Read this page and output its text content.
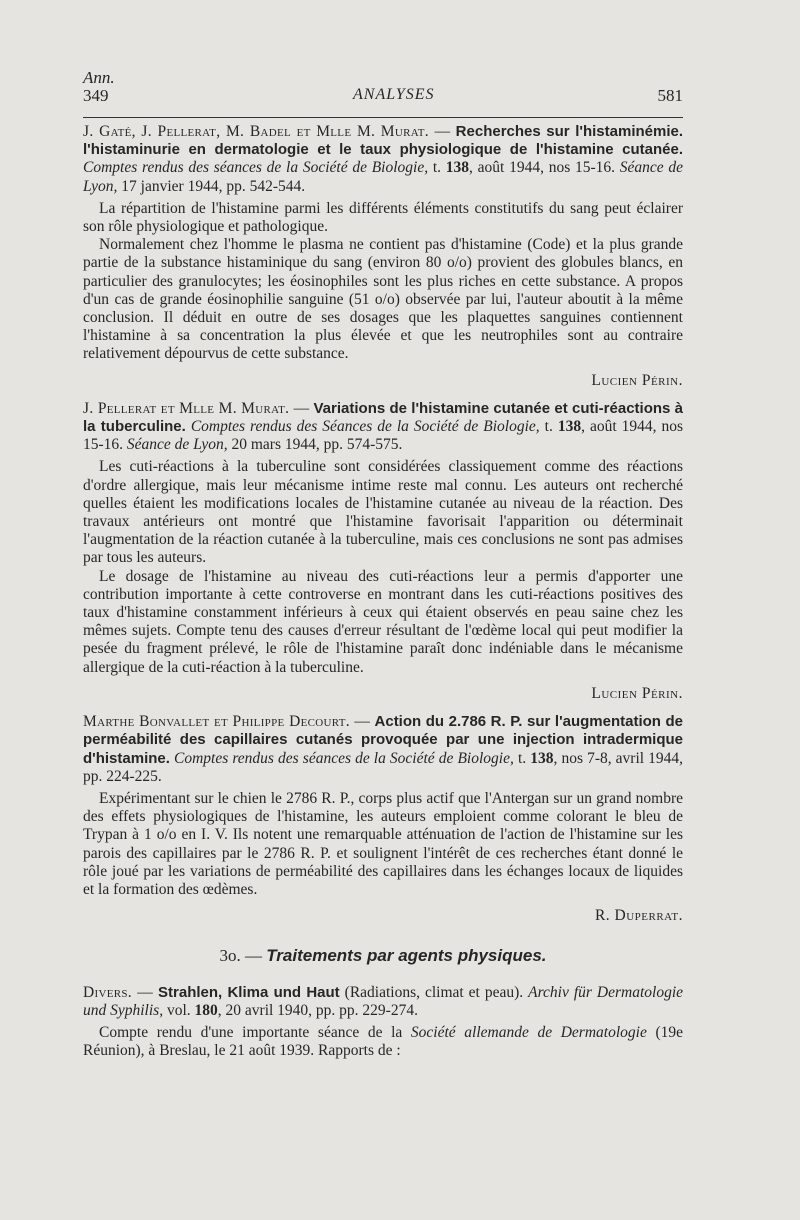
Ann.
349	ANALYSES	581

J. Gaté, J. Pellerat, M. Badel et Mlle M. Murat. — Recherches sur l'histaminémie. l'histaminurie en dermatologie et le taux physiologique de l'histamine cutanée. Comptes rendus des séances de la Société de Biologie, t. 138, août 1944, nos 15-16. Séance de Lyon, 17 janvier 1944, pp. 542-544.

La répartition de l'histamine parmi les différents éléments constitutifs du sang peut éclairer son rôle physiologique et pathologique.

Normalement chez l'homme le plasma ne contient pas d'histamine (Code) et la plus grande partie de la substance histaminique du sang (environ 80 o/o) provient des globules blancs, en particulier des granulocytes; les éosinophiles sont les plus riches en cette substance. A propos d'un cas de grande éosinophilie sanguine (51 o/o) observée par lui, l'auteur aboutit à la même conclusion. Il déduit en outre de ses dosages que les plaquettes sanguines contiennent l'histamine à sa concentration la plus élevée et que les neutrophiles sont au contraire relativement dépourvus de cette substance.

Lucien Périn.

J. Pellerat et Mlle M. Murat. — Variations de l'histamine cutanée et cuti-réactions à la tuberculine. Comptes rendus des Séances de la Société de Biologie, t. 138, août 1944, nos 15-16. Séance de Lyon, 20 mars 1944, pp. 574-575.

Les cuti-réactions à la tuberculine sont considérées classiquement comme des réactions d'ordre allergique, mais leur mécanisme intime reste mal connu. Les auteurs ont recherché quelles étaient les modifications locales de l'histamine cutanée au niveau de la réaction. Des travaux antérieurs ont montré que l'histamine favorisait l'apparition ou déterminait l'augmentation de la réaction cutanée à la tuberculine, mais ces conclusions ne sont pas admises par tous les auteurs.

Le dosage de l'histamine au niveau des cuti-réactions leur a permis d'apporter une contribution importante à cette controverse en montrant dans les cuti-réactions positives des taux d'histamine constamment inférieurs à ceux qui étaient observés en peau saine chez les mêmes sujets. Compte tenu des causes d'erreur résultant de l'œdème local qui peut modifier la pesée du fragment prélevé, le rôle de l'histamine paraît donc indéniable dans le mécanisme allergique de la cuti-réaction à la tuberculine.

Lucien Périn.

Marthe Bonvallet et Philippe Decourt. — Action du 2.786 R. P. sur l'augmentation de perméabilité des capillaires cutanés provoquée par une injection intradermique d'histamine. Comptes rendus des séances de la Société de Biologie, t. 138, nos 7-8, avril 1944, pp. 224-225.

Expérimentant sur le chien le 2786 R. P., corps plus actif que l'Antergan sur un grand nombre des effets physiologiques de l'histamine, les auteurs emploient comme colorant le bleu de Trypan à 1 o/o en I. V. Ils notent une remarquable atténuation de l'action de l'histamine sur les parois des capillaires par le 2786 R. P. et soulignent l'intérêt de ces recherches étant donné le rôle joué par les variations de perméabilité des capillaires dans les échanges locaux de liquides et la formation des œdèmes.

R. Duperrat.

3o. — Traitements par agents physiques.

Divers. — Strahlen, Klima und Haut (Radiations, climat et peau). Archiv für Dermatologie und Syphilis, vol. 180, 20 avril 1940, pp. pp. 229-274.

Compte rendu d'une importante séance de la Société allemande de Dermatologie (19e Réunion), à Breslau, le 21 août 1939. Rapports de :
